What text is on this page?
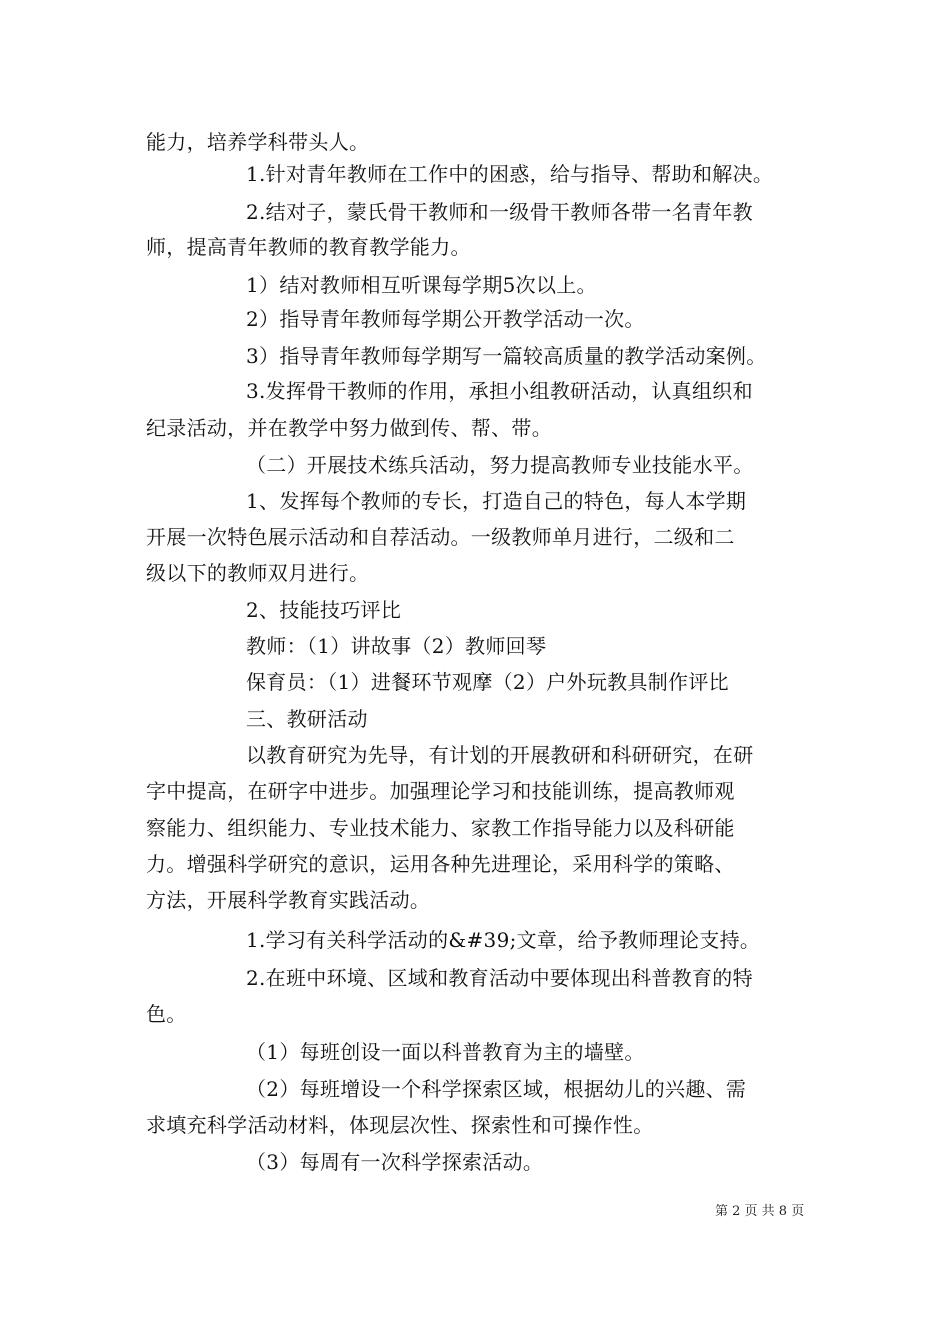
能力，培养学科带头人。
1.针对青年教师在工作中的困惑，给与指导、帮助和解决。
2.结对子，蒙氏骨干教师和一级骨干教师各带一名青年教
师，提高青年教师的教育教学能力。
1）结对教师相互听课每学期5次以上。
2）指导青年教师每学期公开教学活动一次。
3）指导青年教师每学期写一篇较高质量的教学活动案例。
3.发挥骨干教师的作用，承担小组教研活动，认真组织和
纪录活动，并在教学中努力做到传、帮、带。
（二）开展技术练兵活动，努力提高教师专业技能水平。
1、发挥每个教师的专长，打造自己的特色，每人本学期
开展一次特色展示活动和自荐活动。一级教师单月进行，二级和二
级以下的教师双月进行。
2、技能技巧评比
教师：（1）讲故事（2）教师回琴
保育员：（1）进餐环节观摩（2）户外玩教具制作评比
三、教研活动
以教育研究为先导，有计划的开展教研和科研研究，在研
字中提高，在研字中进步。加强理论学习和技能训练，提高教师观
察能力、组织能力、专业技术能力、家教工作指导能力以及科研能
力。增强科学研究的意识，运用各种先进理论，采用科学的策略、
方法，开展科学教育实践活动。
1.学习有关科学活动的&#39;文章，给予教师理论支持。
2.在班中环境、区域和教育活动中要体现出科普教育的特
色。
（1）每班创设一面以科普教育为主的墙壁。
（2）每班增设一个科学探索区域，根据幼儿的兴趣、需
求填充科学活动材料，体现层次性、探索性和可操作性。
（3）每周有一次科学探索活动。
第 2 页 共 8 页
